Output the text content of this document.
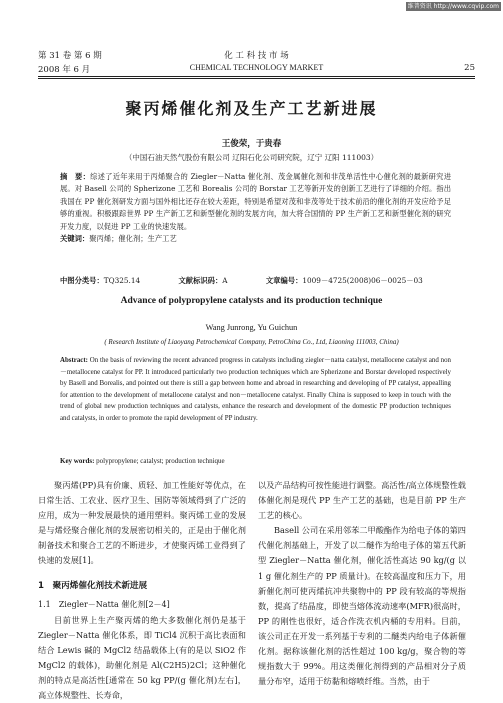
维普资讯 http://www.cqvip.com
第 31 卷 第 6 期	化 工 科 技 市 场
2008 年 6 月	CHEMICAL TECHNOLOGY MARKET	25
聚丙烯催化剂及生产工艺新进展
王俊荣，于贵春
（中国石油天然气股份有限公司 辽阳石化公司研究院，辽宁 辽阳 111003）

摘　要：综述了近年来用于丙烯聚合的 Ziegler－Natta 催化剂、茂金属催化剂和非茂单活性中心催化剂的最新研究进展。对 Basell 公司的 Spherizone 工艺和 Borealis 公司的 Borstar 工艺等新开发的创新工艺进行了详细的介绍。指出我国在 PP 催化剂研发方面与国外相比还存在较大差距，特别是希望对茂和非茂等处于技术前沿的催化剂的开发应给予足够的重视。积极跟踪世界 PP 生产新工艺和新型催化剂的发展方向，加大将合国情的 PP 生产新工艺和新型催化剂的研究开发力度，以促进 PP 工业的快速发展。
关键词：聚丙烯；催化剂；生产工艺

中图分类号：TQ325.14	文献标识码：A	文章编号：1009－4725(2008)06－0025－03
Advance of polypropylene catalysts and its production technique
Wang Junrong, Yu Guichun
( Research Institute of Liaoyang Petrochemical Company, PetroChina Co., Ltd, Liaoning 111003, China)

Abstract: On the basis of reviewing the recent advanced progress in catalysts including ziegler－natta catalyst, metallocene catalyst and non－metallocene catalyst for PP. It introduced particularly two production techniques which are Spherizone and Borstar developed respectively by Basell and Borealis, and pointed out there is still a gap between home and abroad in researching and developing of PP catalyst, appealling for attention to the development of metallocene catalyst and non－metallocene catalyst. Finally China is supposed to keep in touch with the trend of global new production techniques and catalysts, enhance the research and development of the domestic PP production techniques and catalysts, in order to promote the rapid development of PP industry.

Key words: polypropylene; catalyst; production technique

聚丙烯(PP)具有价廉、质轻、加工性能好等优点，在日常生活、工农业、医疗卫生、国防等领域得到了广泛的应用，成为一种发展最快的通用塑料。聚丙烯工业的发展是与烯烃聚合催化剂的发展密切相关的，正是由于催化剂制备技术和聚合工艺的不断进步，才使聚丙烯工业得到了快速的发展[1]。

1　聚丙烯催化剂技术新进展
1.1　Ziegler－Natta 催化剂[2－4]

目前世界上生产聚丙烯的绝大多数催化剂仍是基于 Ziegler－Natta 催化体系，即 TiCl4 沉积于高比表面和结合 Lewis 碱的 MgCl2 结晶载体上(有的是以 SiO2 作 MgCl2 的载体)，助催化剂是 Al(C2H5)2Cl；这种催化剂的特点是高活性[通常在 50 kg PP/(g 催化剂)左右]，高立体规整性、长寿命，

以及产品结构可按性能进行调整。高活性/高立体规整性载体催化剂是现代 PP 生产工艺的基础，也是目前 PP 生产工艺的核心。

Basell 公司在采用邻苯二甲酸酯作为给电子体的第四代催化剂基础上，开发了以二醚作为给电子体的第五代新型 Ziegler－Natta 催化剂，催化活性高达 90 kg/(g 以 1 g 催化剂生产的 PP 质量计)。在较高温度和压力下，用新催化剂可使丙烯抗冲共聚物中的 PP 段有较高的等规指数，提高了结晶度，即使当熔体流动速率(MFR)很高时，PP 的刚性也很好，适合作洗衣机内桶的专用料。目前，该公司正在开发一系列基于专利的二醚类内给电子体新催化剂。据称该催化剂的活性超过 100 kg/g，聚合物的等规指数大于 99%。用这类催化剂得到的产品相对分子质量分布窄，适用于纺黏和熔喷纤维。当然，由于
